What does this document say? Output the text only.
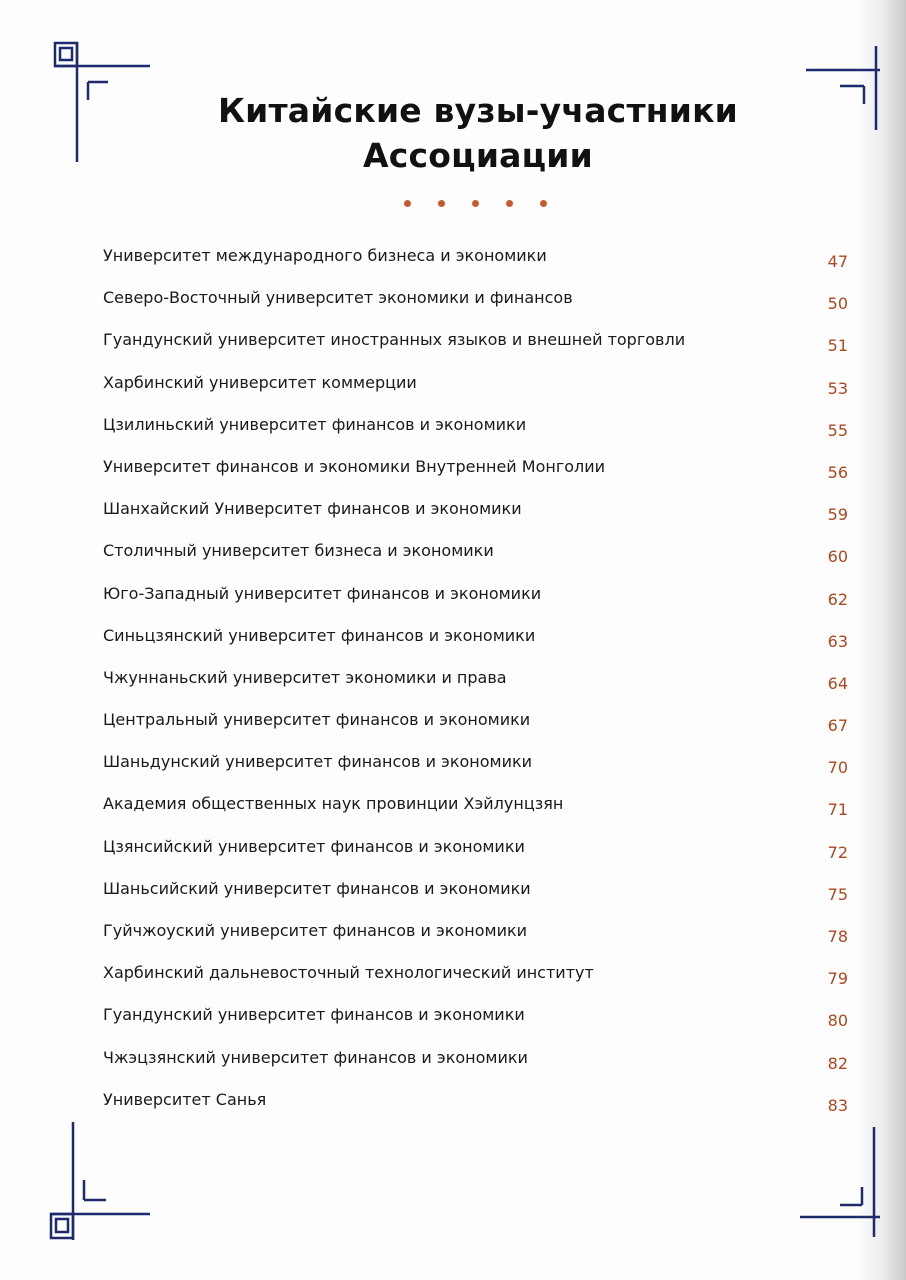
Китайские вузы-участники
Ассоциации
Университет международного бизнеса и экономики	47
Северо-Восточный университет экономики и финансов	50
Гуандунский университет иностранных языков и внешней торговли	51
Харбинский университет коммерции	53
Цзилиньский университет финансов и экономики	55
Университет финансов и экономики Внутренней Монголии	56
Шанхайский Университет финансов и экономики	59
Столичный университет бизнеса и экономики	60
Юго-Западный университет финансов и экономики	62
Синьцзянский университет финансов и экономики	63
Чжуннаньский университет экономики и права	64
Центральный университет финансов и экономики	67
Шаньдунский университет финансов и экономики	70
Академия общественных наук провинции Хэйлунцзян	71
Цзянсийский университет финансов и экономики	72
Шаньсийский университет финансов и экономики	75
Гуйчжоуский университет финансов и экономики	78
Харбинский дальневосточный технологический институт	79
Гуандунский университет финансов и экономики	80
Чжэцзянский университет финансов и экономики	82
Университет Санья	83
